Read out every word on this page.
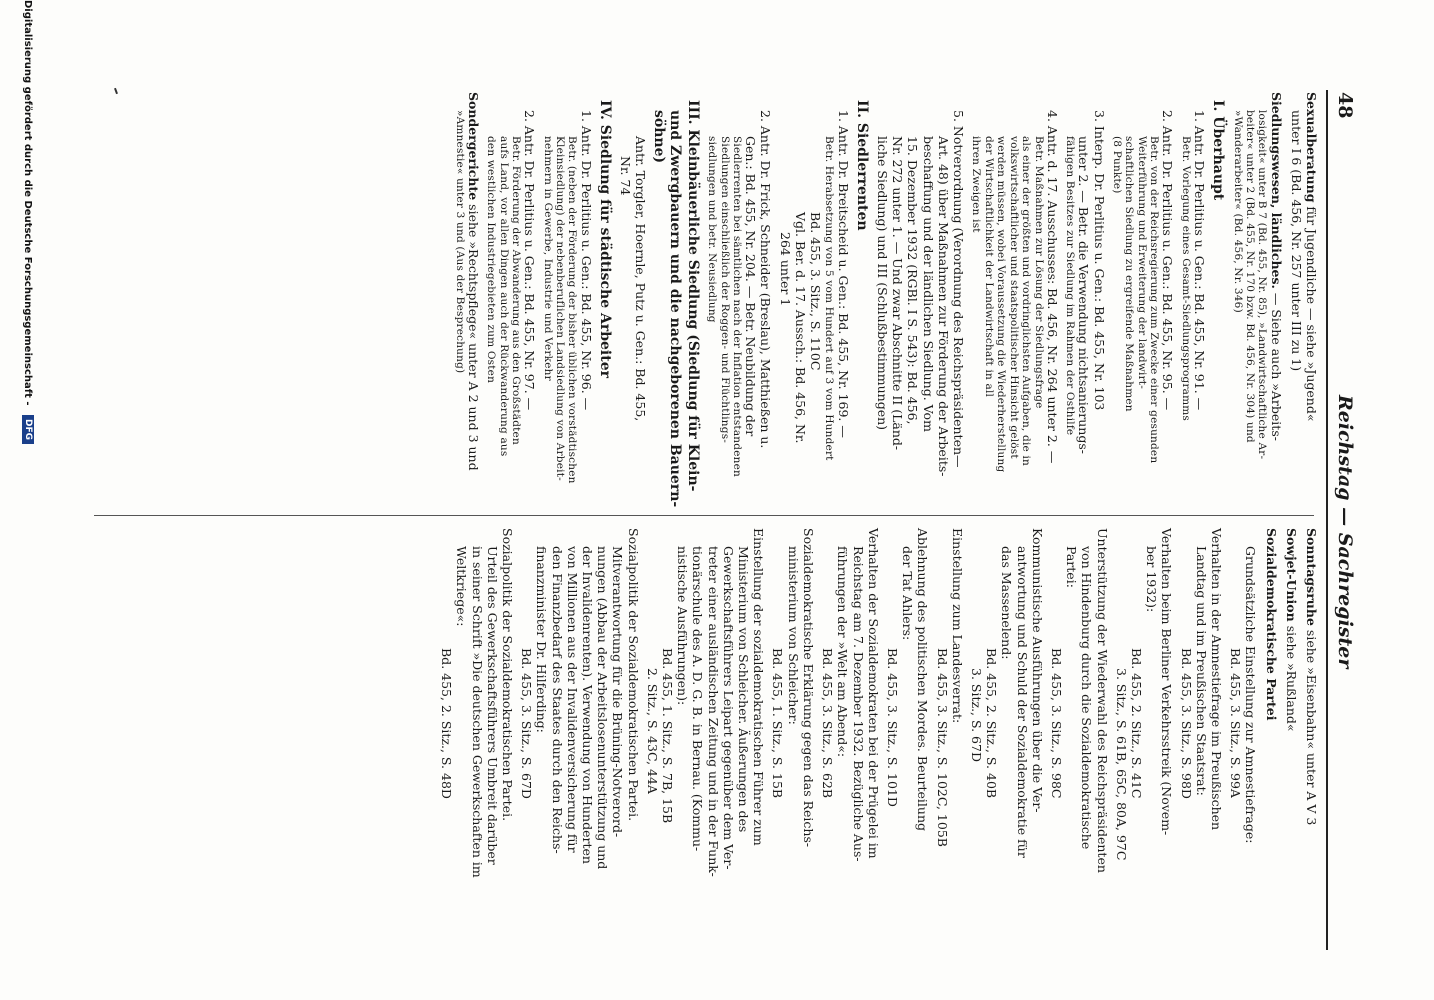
48
Reichstag — Sachregister

Sexualberatung für Jugendliche — siehe »Jugend«

unter I 6 (Bd. 456, Nr. 257 unter III zu 1)

Siedlungswesen, ländliches. — Siehe auch »Arbeits-

losigkeit« unter B 7 (Bd. 455, Nr. 85), »Landwirtschaftliche Ar-

beiter« unter 2 (Bd. 455, Nr. 170 bzw. Bd. 456, Nr. 304) und

»Wanderarbeiter« (Bd. 456, Nr. 346)

I. Überhaupt

1. Antr. Dr. Perlitius u. Gen.: Bd. 455, Nr. 91. —

Betr. Vorlegung eines Gesamt-Siedlungsprogramms

2. Antr. Dr. Perlitius u. Gen.: Bd. 455, Nr. 95. —

Betr. von der Reichsregierung zum Zwecke einer gesunden

Weiterführung und Erweiterung der landwirt-

schaftlichen Siedlung zu ergreifende Maßnahmen

(8 Punkte)

3. Interp. Dr. Perlitius u. Gen.: Bd. 455, Nr. 103

unter 2. — Betr. die Verwendung nichtsanierungs-

fähigen Besitzes zur Siedlung im Rahmen der Osthilfe

4. Antr. d. 17. Ausschusses: Bd. 456, Nr. 264 unter 2. —

Betr. Maßnahmen zur Lösung der Siedlungsfrage

als einer der größten und vordringlichsten Aufgaben, die in

volkswirtschaftlicher und staatspolitischer Hinsicht gelöst

werden müssen, wobei Voraussetzung die Wiederherstellung

der Wirtschaftlichkeit der Landwirtschaft in all

ihren Zweigen ist

5. Notverordnung (Verordnung des Reichspräsidenten—

Art. 48) über Maßnahmen zur Förderung der Arbeits-

beschaffung und der ländlichen Siedlung. Vom

15. Dezember 1932 (RGBl. I S. 543): Bd. 456,

Nr. 272 unter 1. — Und zwar Abschnitte II (Länd-

liche Siedlung) und III (Schlußbestimmungen)

II. Siedlerrenten

1. Antr. Dr. Breitscheid u. Gen.: Bd. 455, Nr. 169. —

Betr. Herabsetzung von 5 vom Hundert auf 3 vom Hundert

Bd. 455, 3. Sitz., S. 110C

Vgl. Ber. d. 17. Aussch.: Bd. 456, Nr.

264 unter 1

2. Antr. Dr. Frick, Schneider (Breslau), Matthießen u.

Gen.: Bd. 455, Nr. 204. — Betr. Neubildung der

Siedlerrenten bei sämtlichen nach der Inflation entstandenen

Siedlungen einschließlich der Roggen- und Flüchtlings-

siedlungen und betr. Neusiedlung

III. Kleinbäuerliche Siedlung (Siedlung für Klein-

und Zwergbauern und die nachgeborenen Bauern-

söhne)

Antr. Torgler, Hoernle, Putz u. Gen.: Bd. 455,

Nr. 74

IV. Siedlung für städtische Arbeiter

1. Antr. Dr. Perlitius u. Gen.: Bd. 455, Nr. 96. —

Betr. (neben der Förderung der bisher üblichen vorstädtischen

Kleinsiedlung) der nebenberuflichen Landsiedlung von Arbeit-

nehmern in Gewerbe, Industrie und Verkehr

2. Antr. Dr. Perlitius u. Gen.: Bd. 455, Nr. 97. —

Betr. Förderung der Abwanderung aus den Großstädten

aufs Land, vor allen Dingen auch der Rückwanderung aus

den westlichen Industriegebieten zum Osten

Sondergerichte siehe »Rechtspflege« unter A 2 und 3 und

»Amnestie« unter 3 und (Aus der Besprechung)

Sonntagsruhe siehe »Eisenbahn« unter A V 3

Sowjet-Union siehe »Rußland«

Sozialdemokratische Partei

Grundsätzliche Einstellung zur Amnestiefrage:

Bd. 455, 3. Sitz., S. 99A

Verhalten in der Amnestiefrage im Preußischen

Landtag und im Preußischen Staatsrat:

Bd. 455, 3. Sitz., S. 98D

Verhalten beim Berliner Verkehrsstreik (Novem-

ber 1932):

Bd. 455, 2. Sitz., S. 41C

3. Sitz., S. 61B, 65C, 80A, 97C

Unterstützung der Wiederwahl des Reichspräsidenten

von Hindenburg durch die Sozialdemokratische

Partei:

Bd. 455, 3. Sitz., S. 98C

Kommunistische Ausführungen über die Ver-

antwortung und Schuld der Sozialdemokratie für

das Massenelend:

Bd. 455, 2. Sitz., S. 40B

3. Sitz., S. 67D

Einstellung zum Landesverrat:

Bd. 455, 3. Sitz., S. 102C, 105B

Ablehnung des politischen Mordes. Beurteilung

der Tat Ahlers:

Bd. 455, 3. Sitz., S. 101D

Verhalten der Sozialdemokraten bei der Prügelei im

Reichstag am 7. Dezember 1932. Bezügliche Aus-

führungen der »Welt am Abend«:

Bd. 455, 3. Sitz., S. 62B

Sozialdemokratische Erklärung gegen das Reichs-

ministerium von Schleicher:

Bd. 455, 1. Sitz., S. 15B

Einstellung der sozialdemokratischen Führer zum

Ministerium von Schleicher. Äußerungen des

Gewerkschaftsführers Leipart gegenüber dem Ver-

treter einer ausländischen Zeitung und in der Funk-

tionärschule des A. D. G. B. in Bernau. (Kommu-

nistische Ausführungen):

Bd. 455, 1. Sitz., S. 7B, 15B

2. Sitz., S. 43C, 44A

Sozialpolitik der Sozialdemokratischen Partei.

Mitverantwortung für die Brüning-Notverord-

nungen (Abbau der Arbeitslosenunterstützung und

der Invalidenrenten). Verwendung von Hunderten

von Millionen aus der Invalidenversicherung für

den Finanzbedarf des Staates durch den Reichs-

finanzminister Dr. Hilferding:

Bd. 455, 3. Sitz., S. 67D

Sozialpolitik der Sozialdemokratischen Partei.

Urteil des Gewerkschaftsführers Umbreit darüber

in seiner Schrift »Die deutschen Gewerkschaften im

Weltkriege«:

Bd. 455, 2. Sitz., S. 48D

Digitalisierung gefördert durch die Deutsche Forschungsgemeinschaft - DFG
